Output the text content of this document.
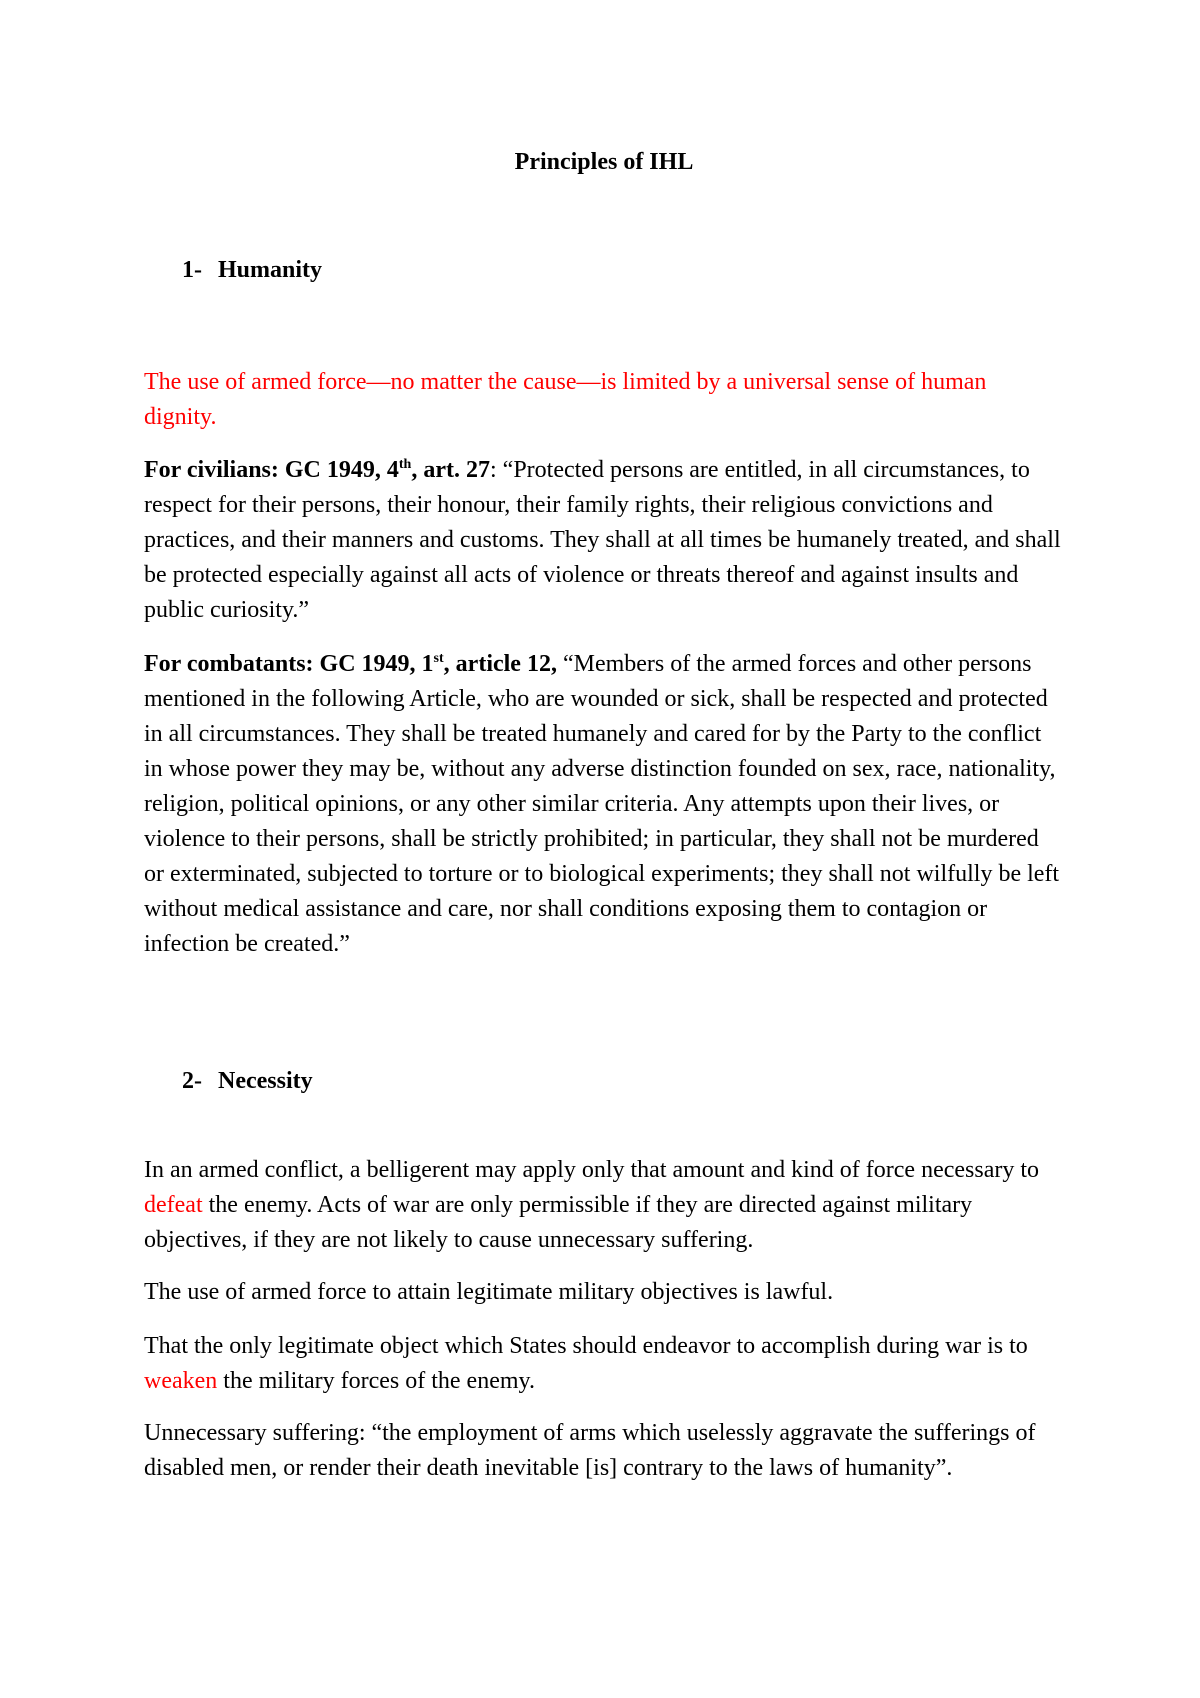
Principles of IHL

1- Humanity

The use of armed force—no matter the cause—is limited by a universal sense of human dignity.

For civilians: GC 1949, 4th, art. 27: “Protected persons are entitled, in all circumstances, to respect for their persons, their honour, their family rights, their religious convictions and practices, and their manners and customs. They shall at all times be humanely treated, and shall be protected especially against all acts of violence or threats thereof and against insults and public curiosity.”

For combatants: GC 1949, 1st, article 12, “Members of the armed forces and other persons mentioned in the following Article, who are wounded or sick, shall be respected and protected in all circumstances. They shall be treated humanely and cared for by the Party to the conflict in whose power they may be, without any adverse distinction founded on sex, race, nationality, religion, political opinions, or any other similar criteria. Any attempts upon their lives, or violence to their persons, shall be strictly prohibited; in particular, they shall not be murdered or exterminated, subjected to torture or to biological experiments; they shall not wilfully be left without medical assistance and care, nor shall conditions exposing them to contagion or infection be created.”

2- Necessity

In an armed conflict, a belligerent may apply only that amount and kind of force necessary to defeat the enemy. Acts of war are only permissible if they are directed against military objectives, if they are not likely to cause unnecessary suffering.

The use of armed force to attain legitimate military objectives is lawful.

That the only legitimate object which States should endeavor to accomplish during war is to weaken the military forces of the enemy.

Unnecessary suffering: “the employment of arms which uselessly aggravate the sufferings of disabled men, or render their death inevitable [is] contrary to the laws of humanity”.
